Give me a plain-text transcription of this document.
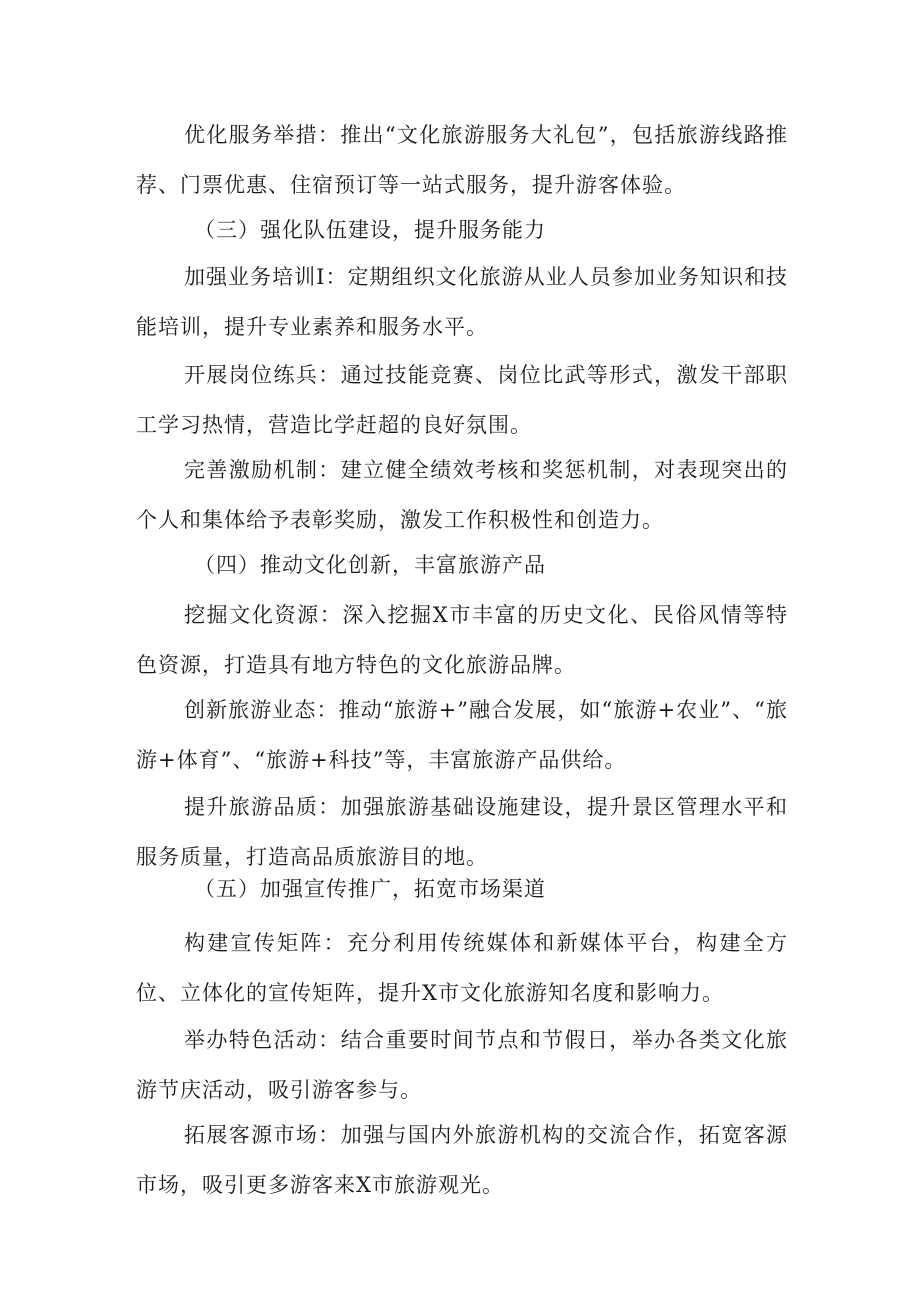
优化服务举措：推出“文化旅游服务大礼包”，包括旅游线路推荐、门票优惠、住宿预订等一站式服务，提升游客体验。

（三）强化队伍建设，提升服务能力

加强业务培训I：定期组织文化旅游从业人员参加业务知识和技能培训，提升专业素养和服务水平。

开展岗位练兵：通过技能竞赛、岗位比武等形式，激发干部职工学习热情，营造比学赶超的良好氛围。

完善激励机制：建立健全绩效考核和奖惩机制，对表现突出的个人和集体给予表彰奖励，激发工作积极性和创造力。

（四）推动文化创新，丰富旅游产品

挖掘文化资源：深入挖掘X市丰富的历史文化、民俗风情等特色资源，打造具有地方特色的文化旅游品牌。

创新旅游业态：推动“旅游+”融合发展，如“旅游+农业”、“旅游+体育”、“旅游+科技”等，丰富旅游产品供给。

提升旅游品质：加强旅游基础设施建设，提升景区管理水平和服务质量，打造高品质旅游目的地。

（五）加强宣传推广，拓宽市场渠道

构建宣传矩阵：充分利用传统媒体和新媒体平台，构建全方位、立体化的宣传矩阵，提升X市文化旅游知名度和影响力。

举办特色活动：结合重要时间节点和节假日，举办各类文化旅游节庆活动，吸引游客参与。

拓展客源市场：加强与国内外旅游机构的交流合作，拓宽客源市场，吸引更多游客来X市旅游观光。
